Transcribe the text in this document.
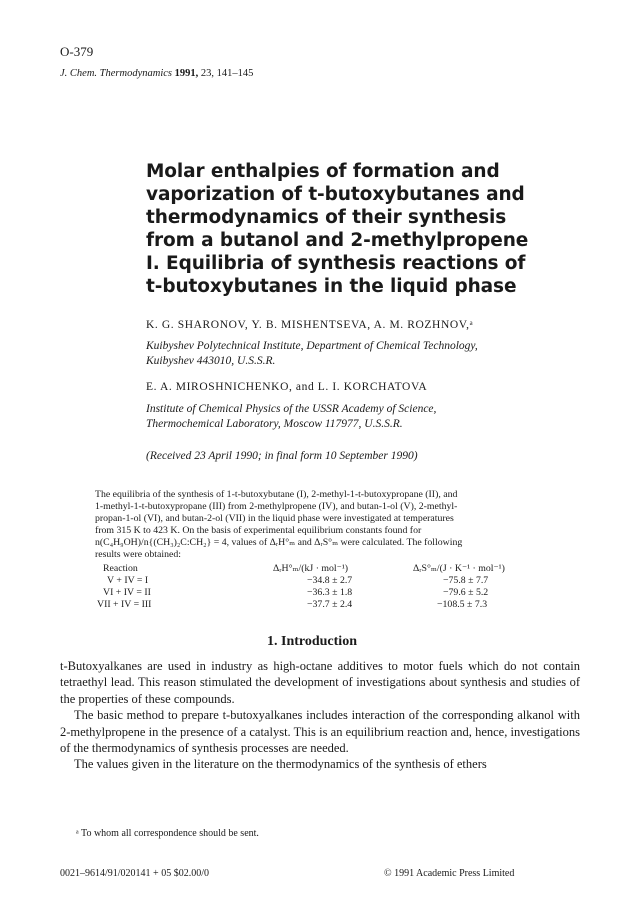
O-379
J. Chem. Thermodynamics 1991, 23, 141–145
Molar enthalpies of formation and
vaporization of t-butoxybutanes and
thermodynamics of their synthesis
from a butanol and 2-methylpropene
I. Equilibria of synthesis reactions of
t-butoxybutanes in the liquid phase
K. G. SHARONOV, Y. B. MISHENTSEVA, A. M. ROZHNOV,ᵃ
Kuibyshev Polytechnical Institute, Department of Chemical Technology,
Kuibyshev 443010, U.S.S.R.
E. A. MIROSHNICHENKO, and L. I. KORCHATOVA
Institute of Chemical Physics of the USSR Academy of Science,
Thermochemical Laboratory, Moscow 117977, U.S.S.R.
(Received 23 April 1990; in final form 10 September 1990)
The equilibria of the synthesis of 1-t-butoxybutane (I), 2-methyl-1-t-butoxypropane (II), and
1-methyl-1-t-butoxypropane (III) from 2-methylpropene (IV), and butan-1-ol (V), 2-methyl-
propan-1-ol (VI), and butan-2-ol (VII) in the liquid phase were investigated at temperatures
from 315 K to 423 K. On the basis of experimental equilibrium constants found for
n(C₄H₉OH)/n{(CH₃)₂C:CH₂} = 4, values of ΔᵣH°ₘ and ΔᵣS°ₘ were calculated. The following
results were obtained:
Reaction	ΔᵣH°ₘ/(kJ · mol⁻¹)	ΔᵣS°ₘ/(J · K⁻¹ · mol⁻¹)
V + IV = I	−34.8 ± 2.7	−75.8 ± 7.7
VI + IV = II	−36.3 ± 1.8	−79.6 ± 5.2
VII + IV = III	−37.7 ± 2.4	−108.5 ± 7.3
1. Introduction

t-Butoxyalkanes are used in industry as high-octane additives to motor fuels which do not contain tetraethyl lead. This reason stimulated the development of investigations about synthesis and studies of the properties of these compounds.

The basic method to prepare t-butoxyalkanes includes interaction of the corresponding alkanol with 2-methylpropene in the presence of a catalyst. This is an equilibrium reaction and, hence, investigations of the thermodynamics of synthesis processes are needed.

The values given in the literature on the thermodynamics of the synthesis of ethers

ᵃ To whom all correspondence should be sent.
0021–9614/91/020141 + 05 $02.00/0	© 1991 Academic Press Limited
